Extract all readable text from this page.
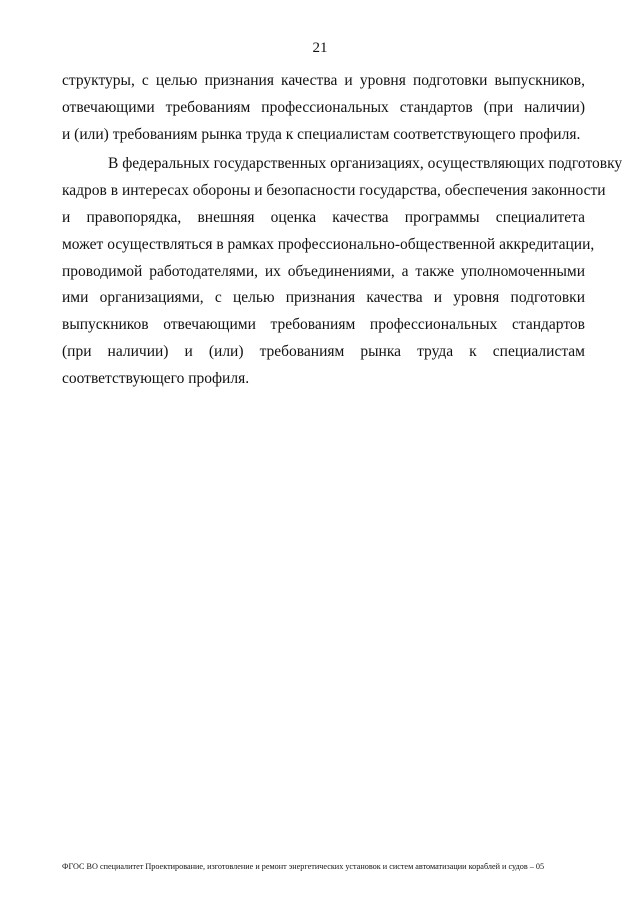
21
структуры, с целью признания качества и уровня подготовки выпускников,
отвечающими требованиям профессиональных стандартов (при наличии)
и (или) требованиям рынка труда к специалистам соответствующего профиля.
В федеральных государственных организациях, осуществляющих подготовку
кадров в интересах обороны и безопасности государства, обеспечения законности
и правопорядка, внешняя оценка качества программы специалитета
может осуществляться в рамках профессионально-общественной аккредитации,
проводимой работодателями, их объединениями, а также уполномоченными
ими организациями, с целью признания качества и уровня подготовки
выпускников отвечающими требованиям профессиональных стандартов
(при наличии) и (или) требованиям рынка труда к специалистам
соответствующего профиля.
ФГОС ВО специалитет Проектирование, изготовление и ремонт энергетических установок и систем автоматизации кораблей и судов – 05
